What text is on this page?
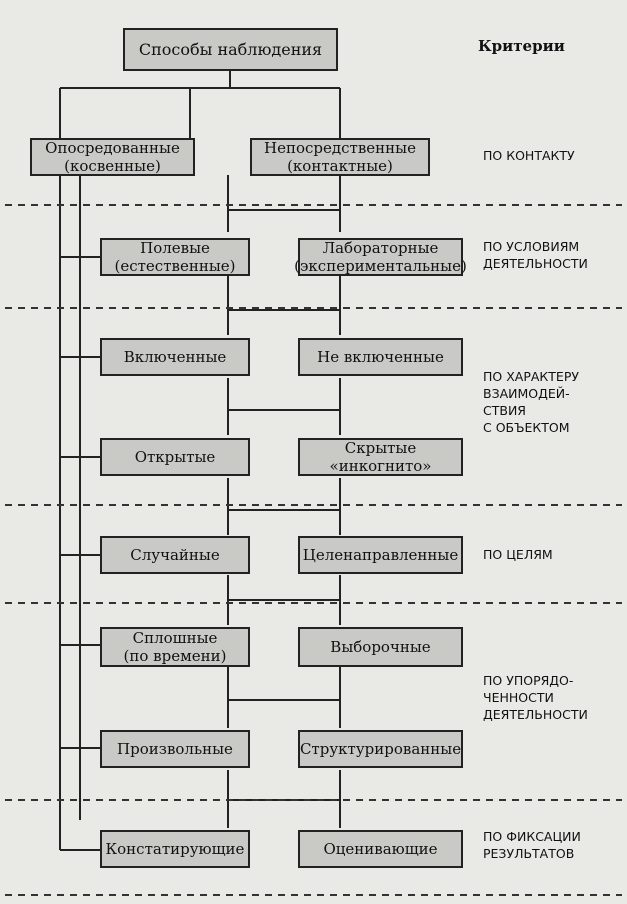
Способы наблюдения	Критерии
Опосредованные
(косвенные)
Непосредственные
(контактные)
Полевые
(естественные)
Лабораторные
(экспериментальные)
Включенные	Не включенные
Открытые	Скрытые
«инкогнито»
Случайные	Целенаправленные
Сплошные
(по времени)	Выборочные
Произвольные	Структурированные
Констатирующие	Оценивающие
ПО КОНТАКТУ
ПО УСЛОВИЯМ
ДЕЯТЕЛЬНОСТИ
ПО ХАРАКТЕРУ
ВЗАИМОДЕЙ-
СТВИЯ
С ОБЪЕКТОМ
ПО ЦЕЛЯМ
ПО УПОРЯДО-
ЧЕННОСТИ
ДЕЯТЕЛЬНОСТИ
ПО ФИКСАЦИИ
РЕЗУЛЬТАТОВ
